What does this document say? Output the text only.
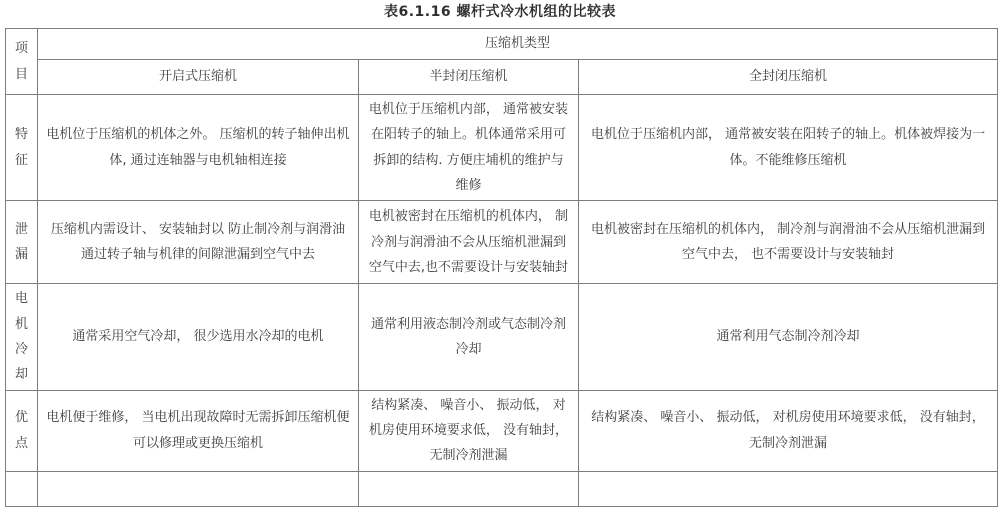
表6.1.16 螺杆式冷水机组的比较表
项目	压缩机类型		
	开启式压缩机	半封闭压缩机	全封闭压缩机
特征	电机位于压缩机的机体之外。 压缩机的转子轴伸出机体, 通过连轴器与电机轴相连接	电机位于压缩机内部， 通常被安装在阳转子的轴上。机体通常采用可拆卸的结构. 方便庄埔机的维护与维修	电机位于压缩机内部， 通常被安装在阳转子的轴上。机体被焊接为一体。不能维修压缩机
泄漏	压缩机内需设计、 安装轴封以 防止制冷剂与润滑油通过转子轴与机律的间隙泄漏到空气中去	电机被密封在压缩机的机体内， 制冷剂与润滑油不会从压缩机泄漏到空气中去,也不需要设计与安装轴封	电机被密封在压缩机的机体内， 制冷剂与润滑油不会从压缩机泄漏到空气中去， 也不需要设计与安装轴封
电机冷却	通常采用空气冷却， 很少选用水冷却的电机	通常利用液态制冷剂或气态制冷剂冷却	通常利用气态制冷剂冷却
优点	电机便于维修， 当电机出现故障时无需拆卸压缩机便可以修理或更换压缩机	结构紧凑、 噪音小、 振动低， 对机房使用环境要求低， 没有轴封， 无制冷剂泄漏	结构紧凑、 噪音小、 振动低， 对机房使用环境要求低， 没有轴封， 无制冷剂泄漏
